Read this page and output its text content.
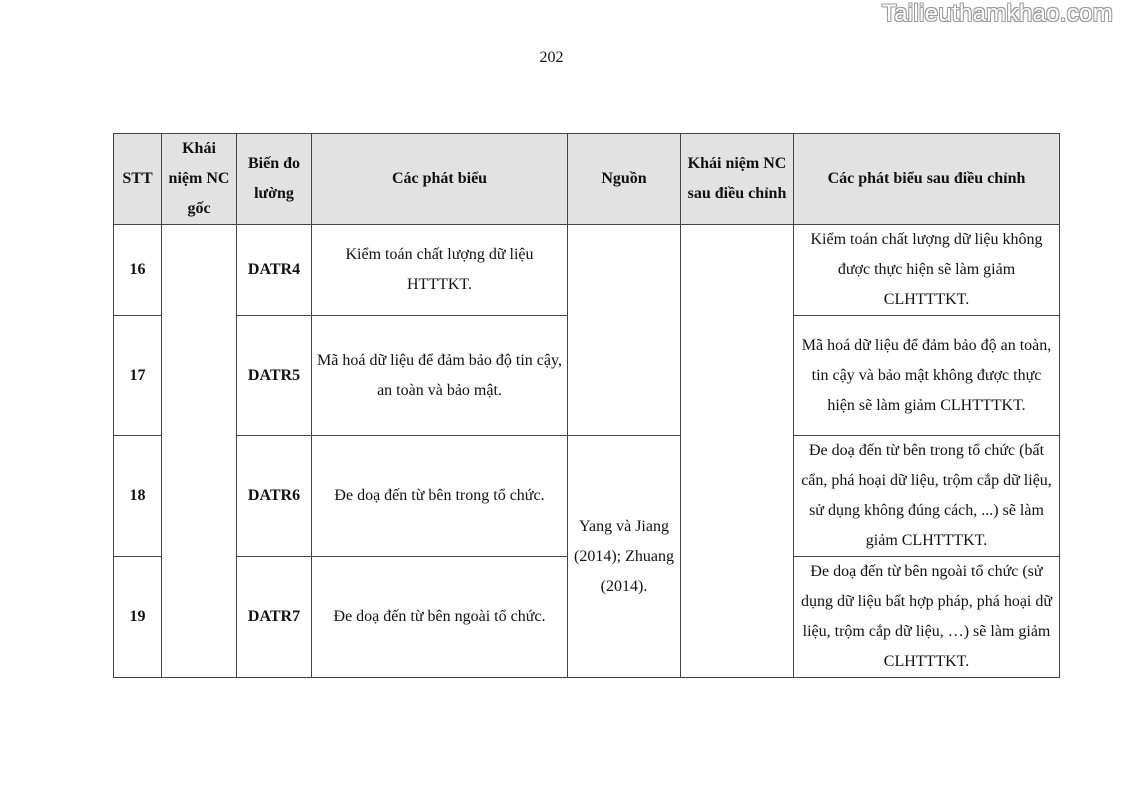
Tailieuthamkhao.com
202
STT	Khái niệm NC gốc	Biến đo lường	Các phát biểu	Nguồn	Khái niệm NC sau điều chỉnh	Các phát biểu sau điều chỉnh
16		DATR4	Kiểm toán chất lượng dữ liệu HTTTKT.			Kiểm toán chất lượng dữ liệu không được thực hiện sẽ làm giảm CLHTTTKT.
17		DATR5	Mã hoá dữ liệu để đảm bảo độ tin cậy, an toàn và bảo mật.			Mã hoá dữ liệu để đảm bảo độ an toàn, tin cậy và bảo mật không được thực hiện sẽ làm giảm CLHTTTKT.
18		DATR6	Đe doạ đến từ bên trong tổ chức.	Yang và Jiang (2014); Zhuang (2014).		Đe doạ đến từ bên trong tổ chức (bất cẩn, phá hoại dữ liệu, trộm cắp dữ liệu, sử dụng không đúng cách, ...) sẽ làm giảm CLHTTTKT.
19		DATR7	Đe doạ đến từ bên ngoài tổ chức.			Đe doạ đến từ bên ngoài tổ chức (sử dụng dữ liệu bất hợp pháp, phá hoại dữ liệu, trộm cắp dữ liệu, …) sẽ làm giảm CLHTTTKT.
